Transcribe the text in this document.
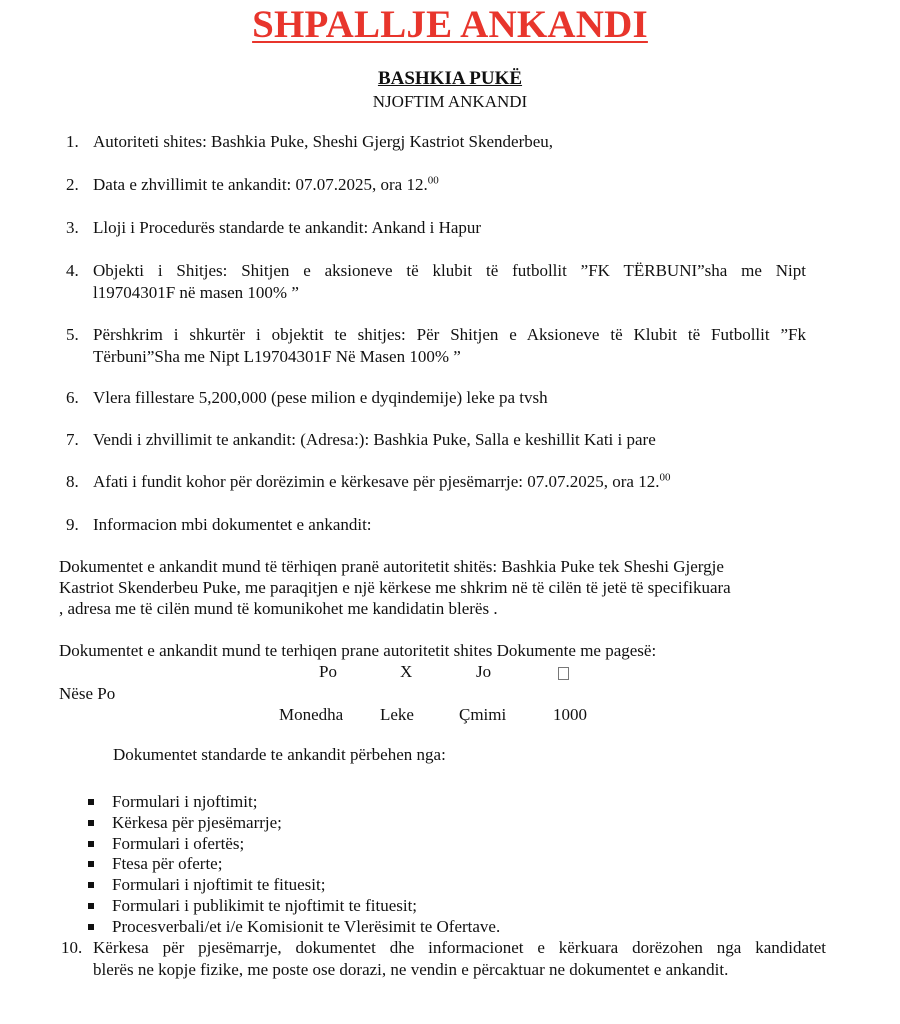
SHPALLJE ANKANDI
BASHKIA PUKË
NJOFTIM ANKANDI
1. Autoriteti shites: Bashkia Puke, Sheshi Gjergj Kastriot Skenderbeu,
2. Data e zhvillimit te ankandit: 07.07.2025, ora 12.00
3. Lloji i Procedurës standarde te ankandit: Ankand i Hapur
4. Objekti i Shitjes: Shitjen e aksioneve të klubit të futbollit ”FK TËRBUNI”sha me Nipt
l19704301F në masen 100% ”
5. Përshkrim i shkurtër i objektit te shitjes: Për Shitjen e Aksioneve të Klubit të Futbollit ”Fk
Tërbuni”Sha me Nipt L19704301F Në Masen 100% ”
6. Vlera fillestare 5,200,000 (pese milion e dyqindemije) leke pa tvsh
7. Vendi i zhvillimit te ankandit: (Adresa:): Bashkia Puke, Salla e keshillit Kati i pare
8. Afati i fundit kohor për dorëzimin e kërkesave për pjesëmarrje: 07.07.2025, ora 12.00
9. Informacion mbi dokumentet e ankandit:
Dokumentet e ankandit mund të tërhiqen pranë autoritetit shitës: Bashkia Puke tek Sheshi Gjergje
Kastriot Skenderbeu Puke, me paraqitjen e një kërkese me shkrim në të cilën të jetë të specifikuara
, adresa me të cilën mund të komunikohet me kandidatin blerës .
Dokumentet e ankandit mund te terhiqen prane autoritetit shites Dokumente me pagesë:
Po	X	Jo
Nëse Po
Monedha Leke	Çmimi	1000
Dokumentet standarde te ankandit përbehen nga:
Formulari i njoftimit;
Kërkesa për pjesëmarrje;
Formulari i ofertës;
Ftesa për oferte;
Formulari i njoftimit te fituesit;
Formulari i publikimit te njoftimit te fituesit;
Procesverbali/et i/e Komisionit te Vlerësimit te Ofertave.
10. Kërkesa për pjesëmarrje, dokumentet dhe informacionet e kërkuara dorëzohen nga kandidatet
blerës ne kopje fizike, me poste ose dorazi, ne vendin e përcaktuar ne dokumentet e ankandit.
